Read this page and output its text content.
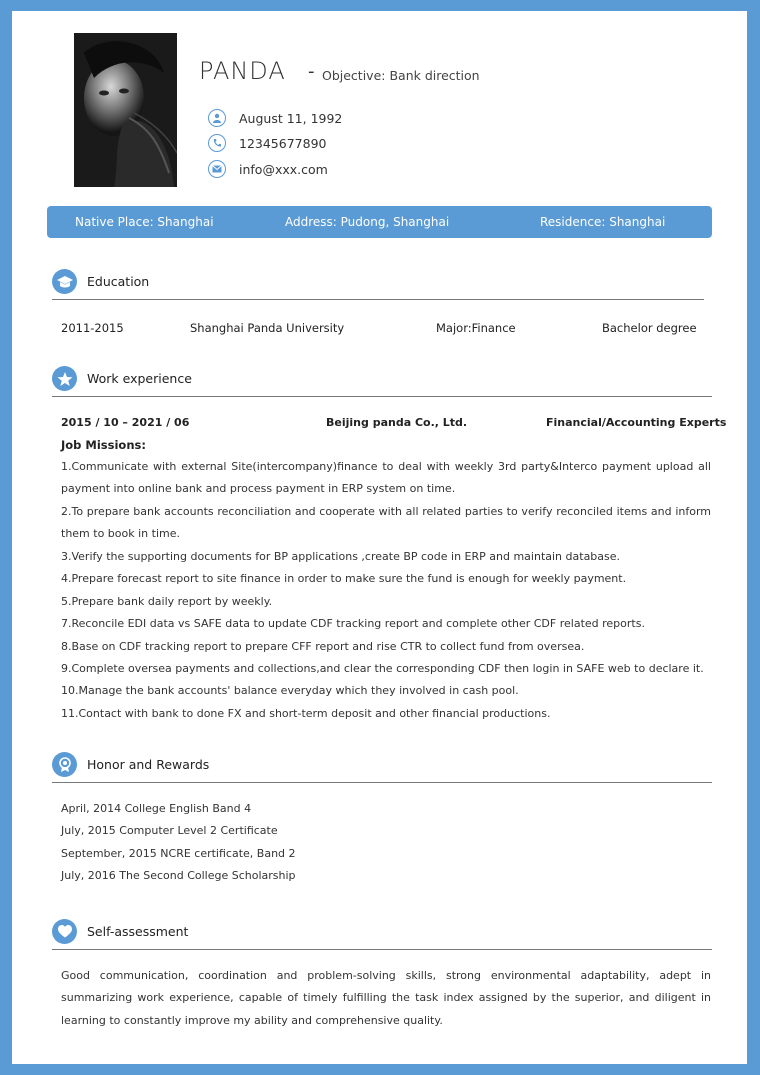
PANDA - Objective: Bank direction
August 11, 1992
12345677890
info@xxx.com
Native Place: Shanghai	Address: Pudong, Shanghai	Residence: Shanghai
Education
2011-2015	Shanghai Panda University	Major:Finance	Bachelor degree
Work experience
2015 / 10 – 2021 / 06	Beijing panda Co., Ltd.	Financial/Accounting Experts
Job Missions:
1.Communicate with external Site(intercompany)finance to deal with weekly 3rd party&Interco payment upload all payment into online bank and process payment in ERP system on time.
2.To prepare bank accounts reconciliation and cooperate with all related parties to verify reconciled items and inform them to book in time.
3.Verify the supporting documents for BP applications ,create BP code in ERP and maintain database.
4.Prepare forecast report to site finance in order to make sure the fund is enough for weekly payment.
5.Prepare bank daily report by weekly.
7.Reconcile EDI data vs SAFE data to update CDF tracking report and complete other CDF related reports.
8.Base on CDF tracking report to prepare CFF report and rise CTR to collect fund from oversea.
9.Complete oversea payments and collections,and clear the corresponding CDF then login in SAFE web to declare it.
10.Manage the bank accounts' balance everyday which they involved in cash pool.
11.Contact with bank to done FX and short-term deposit and other financial productions.
Honor and Rewards
April, 2014 College English Band 4
July, 2015 Computer Level 2 Certificate
September, 2015 NCRE certificate, Band 2
July, 2016 The Second College Scholarship
Self-assessment
Good communication, coordination and problem-solving skills, strong environmental adaptability, adept in summarizing work experience, capable of timely fulfilling the task index assigned by the superior, and diligent in learning to constantly improve my ability and comprehensive quality.
